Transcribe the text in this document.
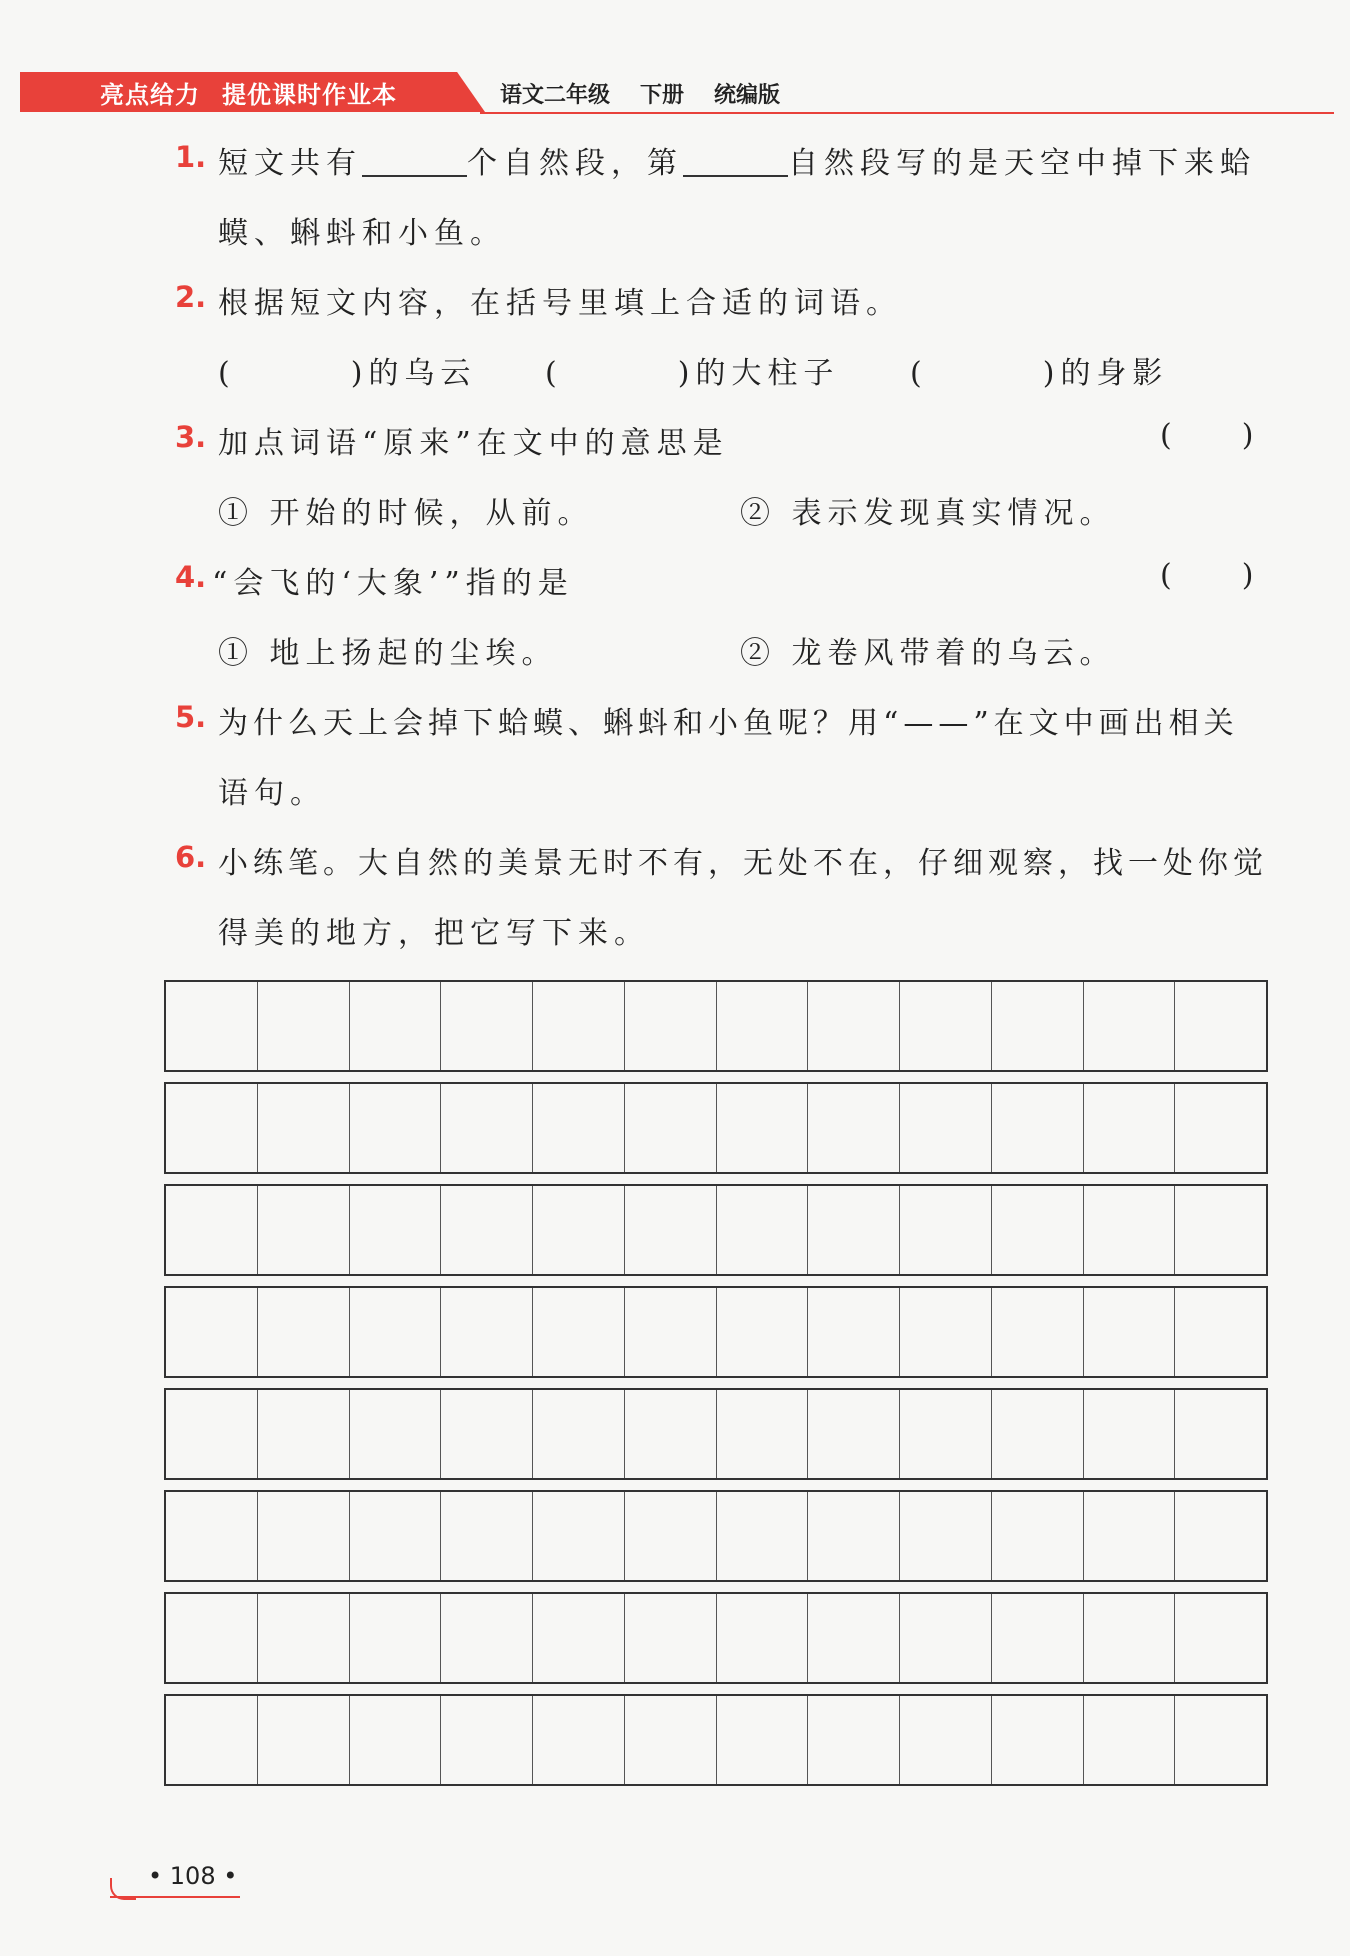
亮点给力 提优课时作业本	语文二年级 下册 统编版
1. 短文共有	个自然段，第	自然段写的是天空中掉下来蛤
蟆、蝌蚪和小鱼。
2. 根据短文内容，在括号里填上合适的词语。
(	)的乌云 (	)的大柱子 (	)的身影
3. 加点词语“原来”在文中的意思是	( )
① 开始的时候，从前。	② 表示发现真实情况。
4. “会飞的‘大象’”指的是	( )
① 地上扬起的尘埃。	② 龙卷风带着的乌云。
5. 为什么天上会掉下蛤蟆、蝌蚪和小鱼呢？用“——”在文中画出相关
语句。
6. 小练笔。大自然的美景无时不有，无处不在，仔细观察，找一处你觉
得美的地方，把它写下来。
• 108 •
